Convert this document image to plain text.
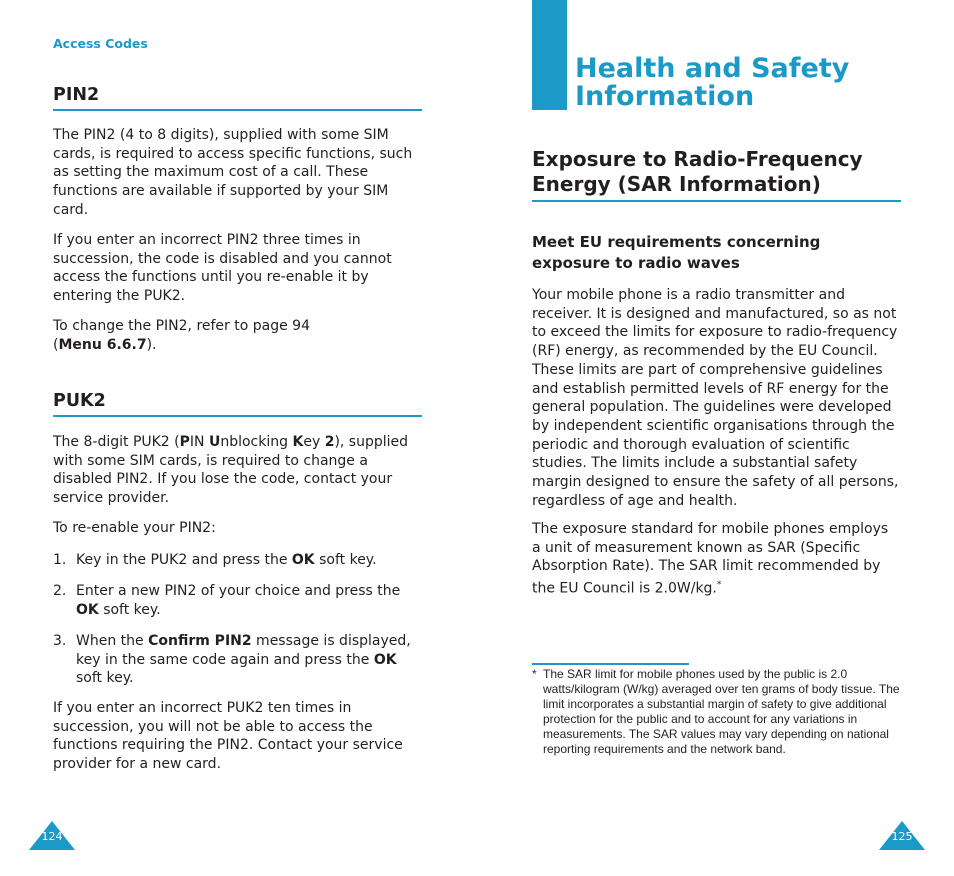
Access Codes
PIN2
The PIN2 (4 to 8 digits), supplied with some SIM cards, is required to access specific functions, such as setting the maximum cost of a call. These functions are available if supported by your SIM card.
If you enter an incorrect PIN2 three times in succession, the code is disabled and you cannot access the functions until you re-enable it by entering the PUK2.
To change the PIN2, refer to page 94
(Menu 6.6.7).
PUK2
The 8-digit PUK2 (PIN Unblocking Key 2), supplied with some SIM cards, is required to change a disabled PIN2. If you lose the code, contact your service provider.
To re-enable your PIN2:
1. Key in the PUK2 and press the OK soft key.
2. Enter a new PIN2 of your choice and press the OK soft key.
3. When the Confirm PIN2 message is displayed, key in the same code again and press the OK soft key.
If you enter an incorrect PUK2 ten times in succession, you will not be able to access the functions requiring the PIN2. Contact your service provider for a new card.
124
Health and Safety
Information
Exposure to Radio-Frequency
Energy (SAR Information)
Meet EU requirements concerning
exposure to radio waves
Your mobile phone is a radio transmitter and receiver. It is designed and manufactured, so as not to exceed the limits for exposure to radio-frequency (RF) energy, as recommended by the EU Council. These limits are part of comprehensive guidelines and establish permitted levels of RF energy for the general population. The guidelines were developed by independent scientific organisations through the periodic and thorough evaluation of scientific studies. The limits include a substantial safety margin designed to ensure the safety of all persons, regardless of age and health.
The exposure standard for mobile phones employs a unit of measurement known as SAR (Specific Absorption Rate). The SAR limit recommended by the EU Council is 2.0W/kg.*
* The SAR limit for mobile phones used by the public is 2.0 watts/kilogram (W/kg) averaged over ten grams of body tissue. The limit incorporates a substantial margin of safety to give additional protection for the public and to account for any variations in measurements. The SAR values may vary depending on national reporting requirements and the network band.
125
